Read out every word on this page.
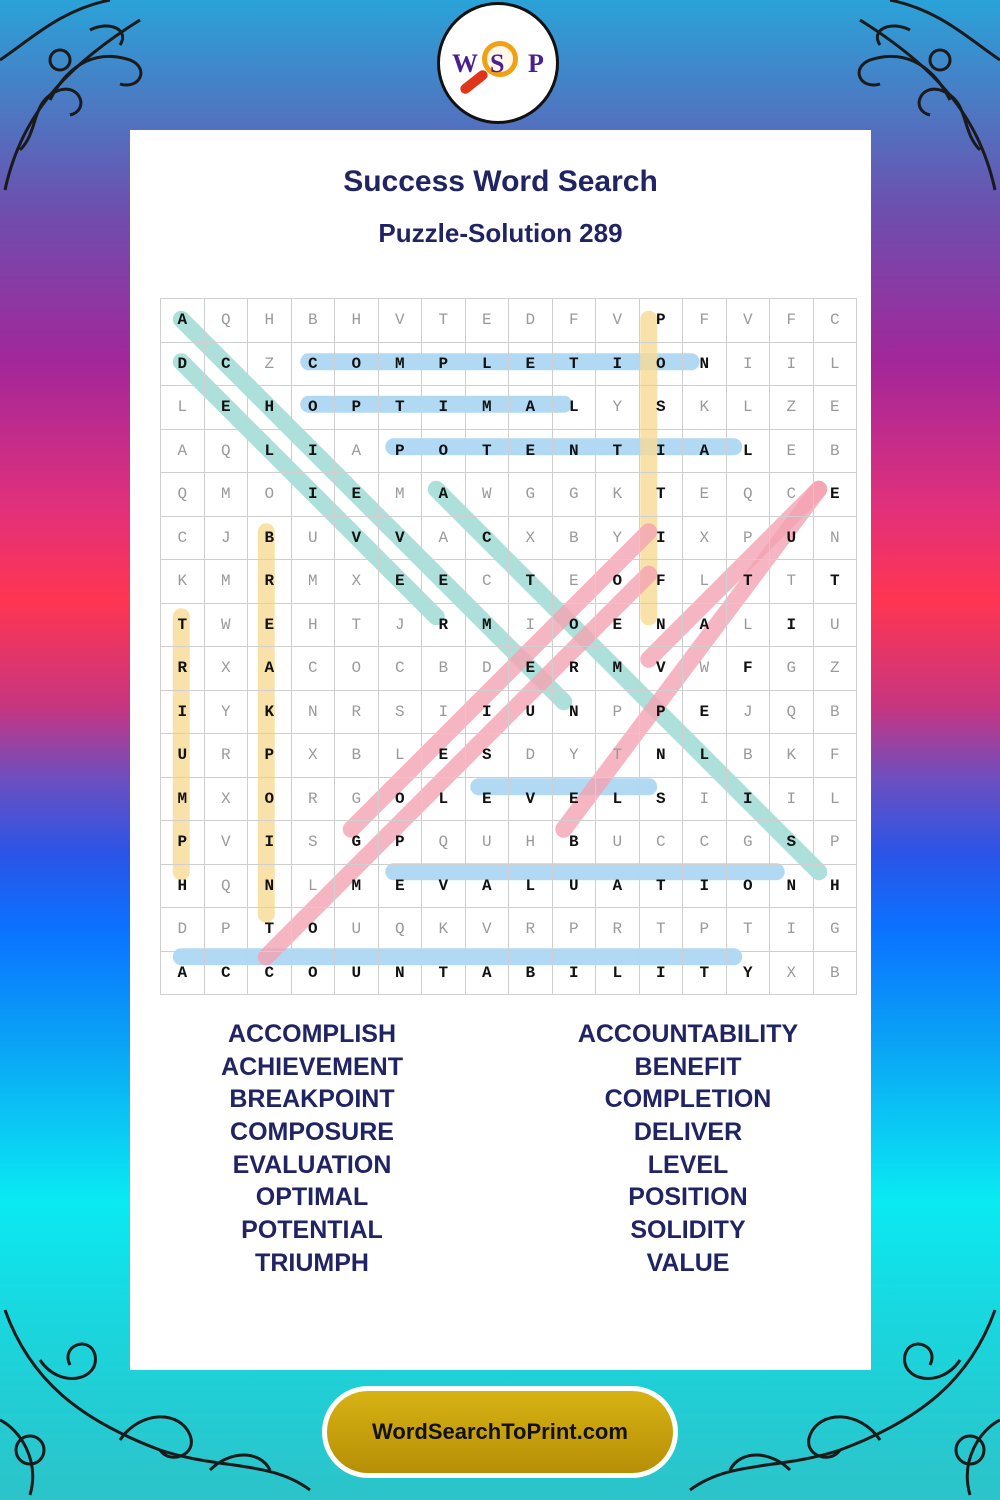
W S P
Success Word Search
Puzzle-Solution 289
A	Q	H	B	H	V	T	E	D	F	V	P	F	V	F	C
D	C	Z	C	O	M	P	L	E	T	I	O	N	I	I	L
L	E	H	O	P	T	I	M	A	L	Y	S	K	L	Z	E
A	Q	L	I	A	P	O	T	E	N	T	I	A	L	E	B
Q	M	O	I	E	M	A	W	G	G	K	T	E	Q	C	E
C	J	B	U	V	V	A	C	X	B	Y	I	X	P	U	N
K	M	R	M	X	E	E	C	T	E	O	F	L	T	T	T
T	W	E	H	T	J	R	M	I	O	E	N	A	L	I	U
R	X	A	C	O	C	B	D	E	R	M	V	W	F	G	Z
I	Y	K	N	R	S	I	I	U	N	P	P	E	J	Q	B
U	R	P	X	B	L	E	S	D	Y	T	N	L	B	K	F
M	X	O	R	G	O	L	E	V	E	L	S	I	I	I	L
P	V	I	S	G	P	Q	U	H	B	U	C	C	G	S	P
H	Q	N	L	M	E	V	A	L	U	A	T	I	O	N	H
D	P	T	O	U	Q	K	V	R	P	R	T	P	T	I	G
A	C	C	O	U	N	T	A	B	I	L	I	T	Y	X	B
ACCOMPLISH
ACHIEVEMENT
BREAKPOINT
COMPOSURE
EVALUATION
OPTIMAL
POTENTIAL
TRIUMPH
ACCOUNTABILITY
BENEFIT
COMPLETION
DELIVER
LEVEL
POSITION
SOLIDITY
VALUE
WordSearchToPrint.com
